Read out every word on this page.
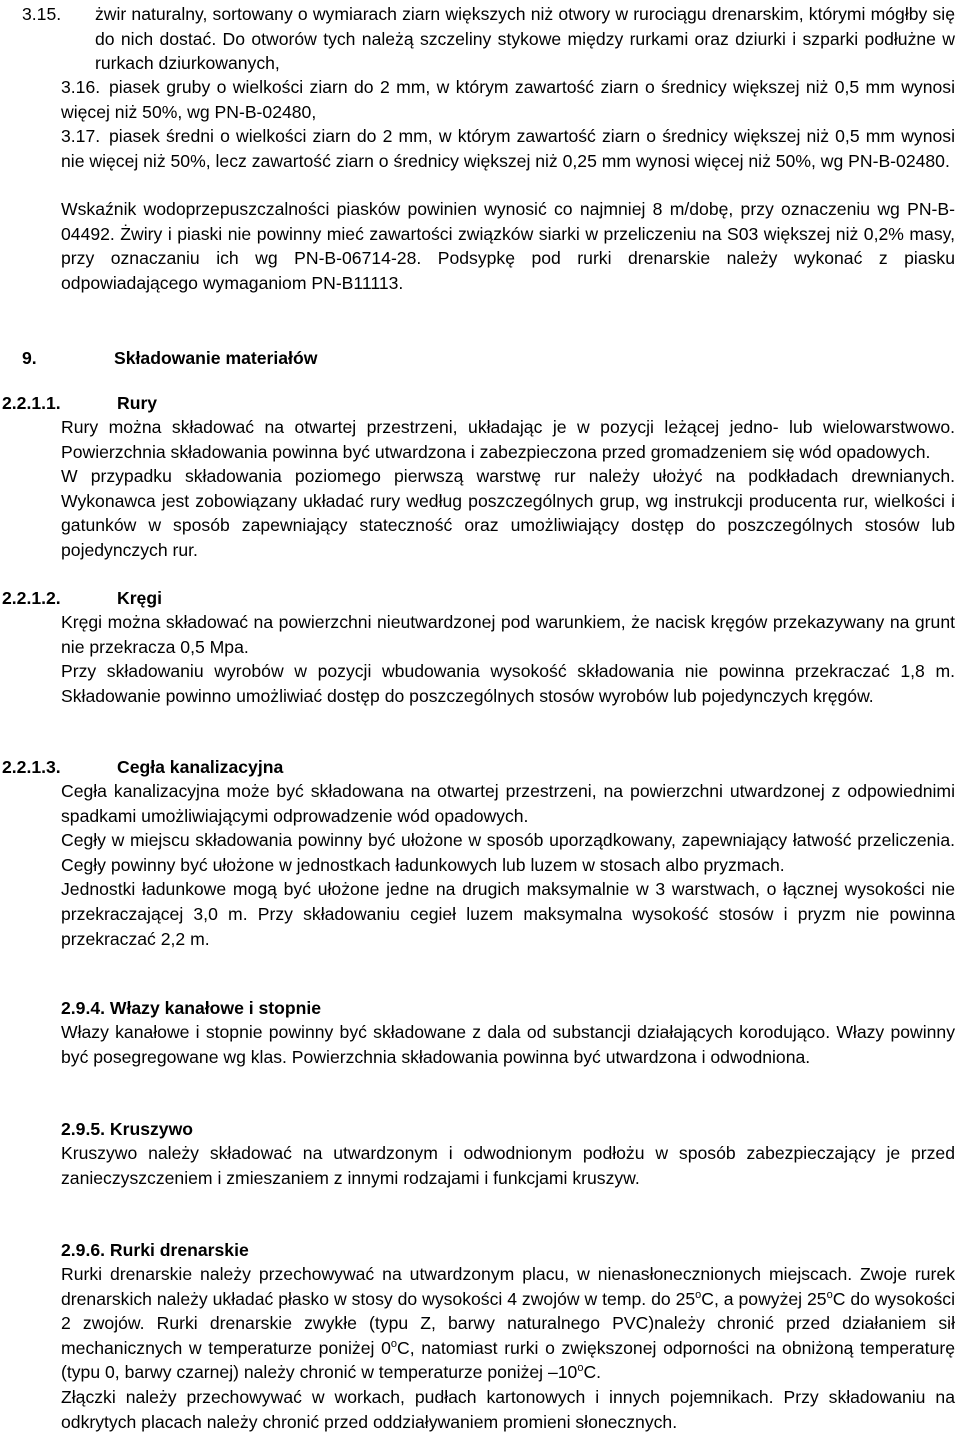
3.15. żwir naturalny, sortowany o wymiarach ziarn większych niż otwory w rurociągu drenarskim, którymi mógłby się do nich dostać. Do otworów tych należą szczeliny stykowe między rurkami oraz dziurki i szparki podłużne w rurkach dziurkowanych,

3.16. piasek gruby o wielkości ziarn do 2 mm, w którym zawartość ziarn o średnicy większej niż 0,5 mm wynosi więcej niż 50%, wg PN-B-02480,

3.17. piasek średni o wielkości ziarn do 2 mm, w którym zawartość ziarn o średnicy większej niż 0,5 mm wynosi nie więcej niż 50%, lecz zawartość ziarn o średnicy większej niż 0,25 mm wynosi więcej niż 50%, wg PN-B-02480.

Wskaźnik wodoprzepuszczalności piasków powinien wynosić co najmniej 8 m/dobę, przy oznaczeniu wg PN-B-04492. Żwiry i piaski nie powinny mieć zawartości związków siarki w przeliczeniu na S03 większej niż 0,2% masy, przy oznaczaniu ich wg PN-B-06714-28. Podsypkę pod rurki drenarskie należy wykonać z piasku odpowiadającego wymaganiom PN-B11113.

9.	Składowanie materiałów
2.2.1.1.	Rury

Rury można składować na otwartej przestrzeni, układając je w pozycji leżącej jedno- lub wielowarstwowo. Powierzchnia składowania powinna być utwardzona i zabezpieczona przed gromadzeniem się wód opadowych.

W przypadku składowania poziomego pierwszą warstwę rur należy ułożyć na podkładach drewnianych. Wykonawca jest zobowiązany układać rury według poszczególnych grup, wg instrukcji producenta rur, wielkości i gatunków w sposób zapewniający stateczność oraz umożliwiający dostęp do poszczególnych stosów lub pojedynczych rur.

2.2.1.2.	Kręgi

Kręgi można składować na powierzchni nieutwardzonej pod warunkiem, że nacisk kręgów przekazywany na grunt nie przekracza 0,5 Mpa.

Przy składowaniu wyrobów w pozycji wbudowania wysokość składowania nie powinna przekraczać 1,8 m. Składowanie powinno umożliwiać dostęp do poszczególnych stosów wyrobów lub pojedynczych kręgów.

2.2.1.3.	Cegła kanalizacyjna

Cegła kanalizacyjna może być składowana na otwartej przestrzeni, na powierzchni utwardzonej z odpowiednimi spadkami umożliwiającymi odprowadzenie wód opadowych.

Cegły w miejscu składowania powinny być ułożone w sposób uporządkowany, zapewniający łatwość przeliczenia. Cegły powinny być ułożone w jednostkach ładunkowych lub luzem w stosach albo pryzmach.

Jednostki ładunkowe mogą być ułożone jedne na drugich maksymalnie w 3 warstwach, o łącznej wysokości nie przekraczającej 3,0 m. Przy składowaniu cegieł luzem maksymalna wysokość stosów i pryzm nie powinna przekraczać 2,2 m.

2.9.4. Włazy kanałowe i stopnie

Włazy kanałowe i stopnie powinny być składowane z dala od substancji działających korodująco. Włazy powinny być posegregowane wg klas. Powierzchnia składowania powinna być utwardzona i odwodniona.

2.9.5. Kruszywo

Kruszywo należy składować na utwardzonym i odwodnionym podłożu w sposób zabezpieczający je przed zanieczyszczeniem i zmieszaniem z innymi rodzajami i funkcjami kruszyw.

2.9.6. Rurki drenarskie

Rurki drenarskie należy przechowywać na utwardzonym placu, w nienasłonecznionych miejscach. Zwoje rurek drenarskich należy układać płasko w stosy do wysokości 4 zwojów w temp. do 25$^o$C, a powyżej 25$^o$C do wysokości 2 zwojów. Rurki drenarskie zwykłe (typu Z, barwy naturalnego PVC)należy chronić przed działaniem sił mechanicznych w temperaturze poniżej 0$^o$C, natomiast rurki o zwiększonej odporności na obniżoną temperaturę (typu 0, barwy czarnej) należy chronić w temperaturze poniżej –10$^o$C.

Złączki należy przechowywać w workach, pudłach kartonowych i innych pojemnikach. Przy składowaniu na odkrytych placach należy chronić przed oddziaływaniem promieni słonecznych.
